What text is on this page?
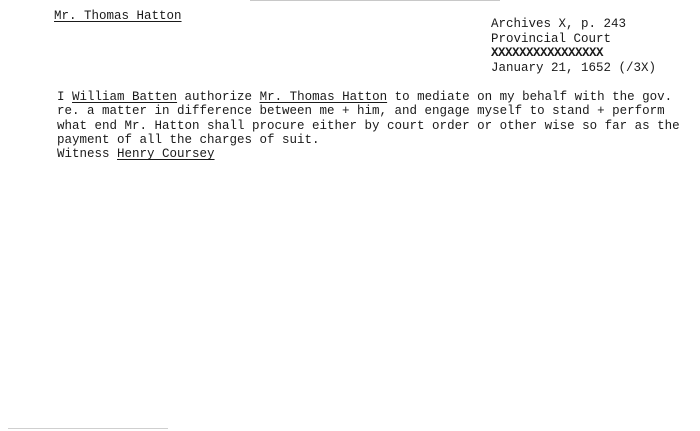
Mr. Thomas Hatton
Archives X, p. 243
Provincial Court
XXXXXXXXXXXXXXXX
January 21, 1652 (/3X)
I William Batten authorize Mr. Thomas Hatton to mediate on my behalf with the gov.
re. a matter in difference between me + him, and engage myself to stand + perform
what end Mr. Hatton shall procure either by court order or other wise so far as the
payment of all the charges of suit.
Witness Henry Coursey
